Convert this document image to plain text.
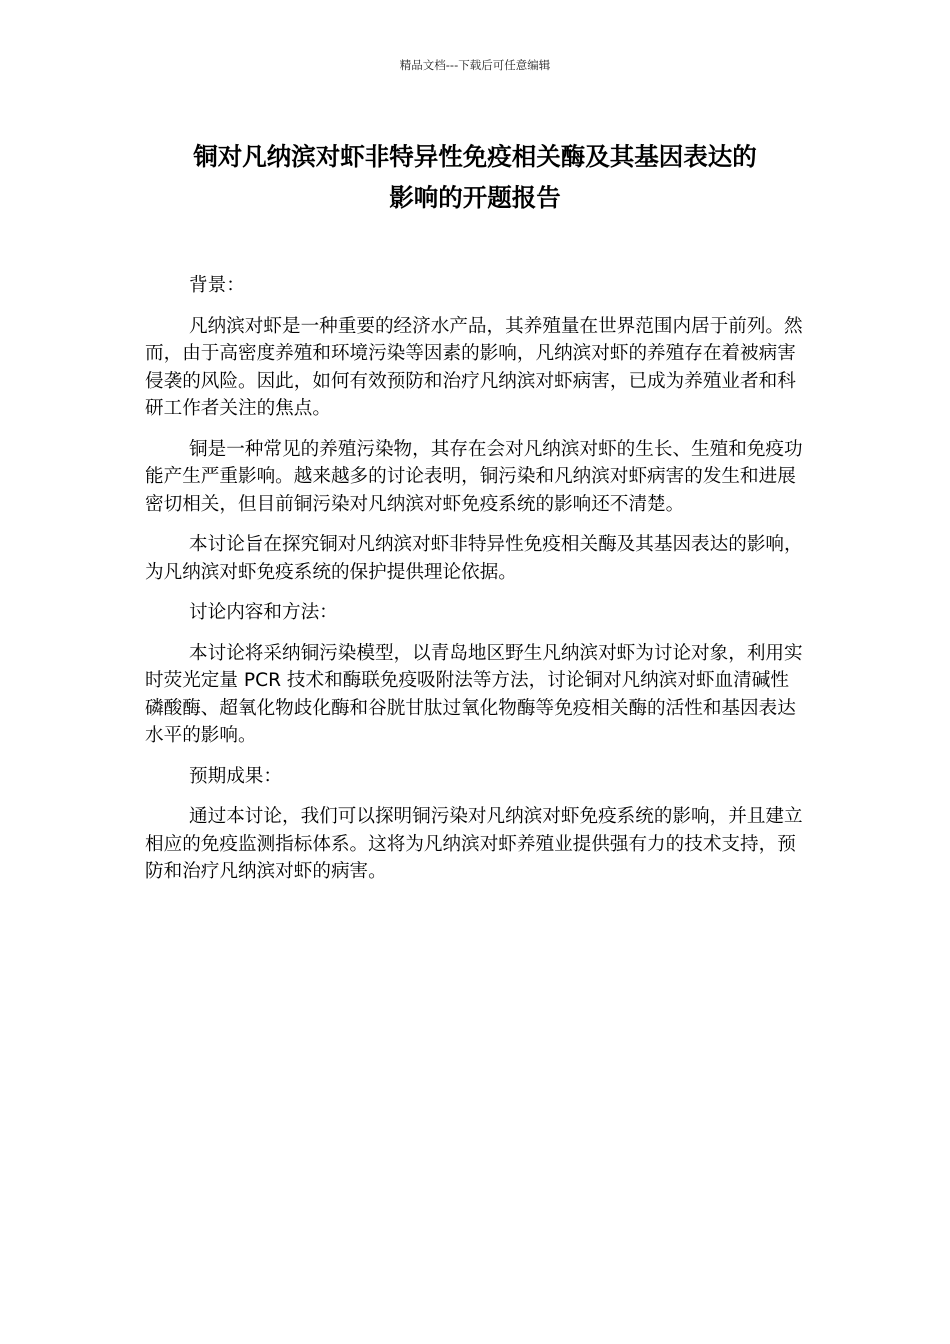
精品文档---下载后可任意编辑
铜对凡纳滨对虾非特异性免疫相关酶及其基因表达的
影响的开题报告

背景：

凡纳滨对虾是一种重要的经济水产品，其养殖量在世界范围内居于前列。然而，由于高密度养殖和环境污染等因素的影响，凡纳滨对虾的养殖存在着被病害侵袭的风险。因此，如何有效预防和治疗凡纳滨对虾病害，已成为养殖业者和科研工作者关注的焦点。

铜是一种常见的养殖污染物，其存在会对凡纳滨对虾的生长、生殖和免疫功能产生严重影响。越来越多的讨论表明，铜污染和凡纳滨对虾病害的发生和进展密切相关，但目前铜污染对凡纳滨对虾免疫系统的影响还不清楚。

本讨论旨在探究铜对凡纳滨对虾非特异性免疫相关酶及其基因表达的影响，为凡纳滨对虾免疫系统的保护提供理论依据。

讨论内容和方法：

本讨论将采纳铜污染模型，以青岛地区野生凡纳滨对虾为讨论对象，利用实时荧光定量 PCR 技术和酶联免疫吸附法等方法，讨论铜对凡纳滨对虾血清碱性磷酸酶、超氧化物歧化酶和谷胱甘肽过氧化物酶等免疫相关酶的活性和基因表达水平的影响。

预期成果：

通过本讨论，我们可以探明铜污染对凡纳滨对虾免疫系统的影响，并且建立相应的免疫监测指标体系。这将为凡纳滨对虾养殖业提供强有力的技术支持，预防和治疗凡纳滨对虾的病害。
